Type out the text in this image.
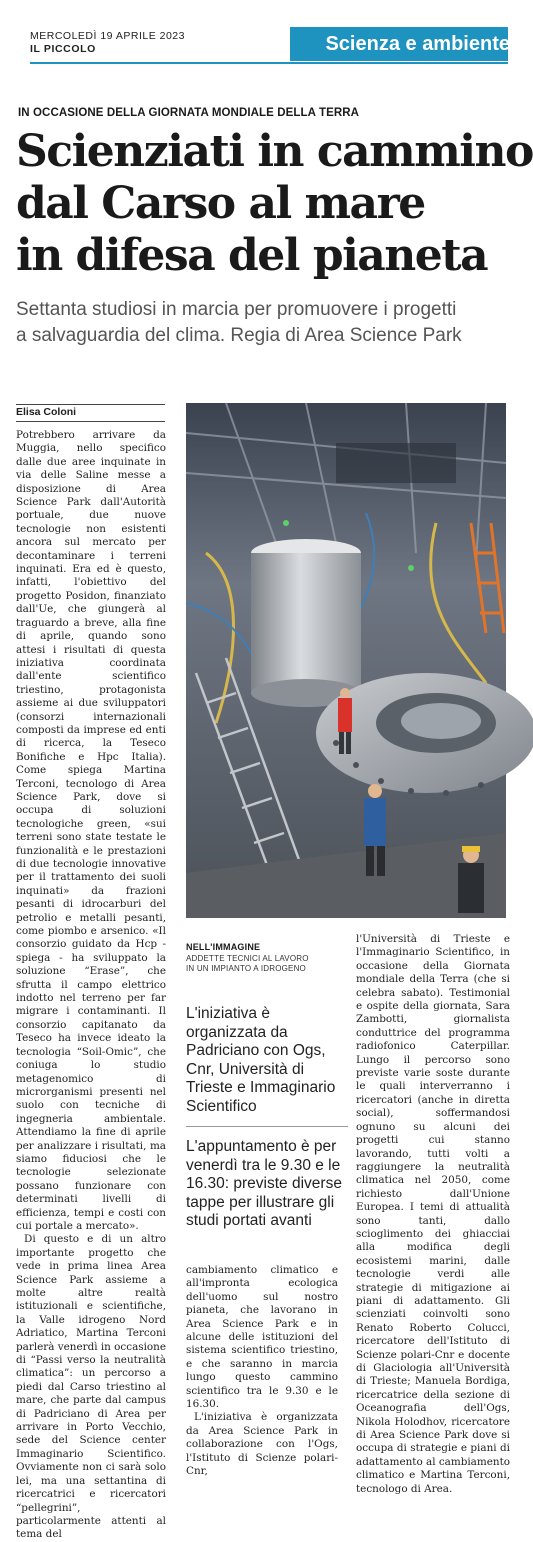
MERCOLEDÌ 19 APRILE 2023
IL PICCOLO	Scienza e ambiente
IN OCCASIONE DELLA GIORNATA MONDIALE DELLA TERRA
Scienziati in cammino
dal Carso al mare
in difesa del pianeta
Settanta studiosi in marcia per promuovere i progetti
a salvaguardia del clima. Regia di Area Science Park
Elisa Coloni

Potrebbero arrivare da Muggia, nello specifico dalle due aree inquinate in via delle Saline messe a disposizione di Area Science Park dall'Autorità portuale, due nuove tecnologie non esistenti ancora sul mercato per decontaminare i terreni inquinati. Era ed è questo, infatti, l'obiettivo del progetto Posidon, finanziato dall'Ue, che giungerà al traguardo a breve, alla fine di aprile, quando sono attesi i risultati di questa iniziativa coordinata dall'ente scientifico triestino, protagonista assieme ai due sviluppatori (consorzi internazionali composti da imprese ed enti di ricerca, la Teseco Bonifiche e Hpc Italia). Come spiega Martina Terconi, tecnologo di Area Science Park, dove si occupa di soluzioni tecnologiche green, «sui terreni sono state testate le funzionalità e le prestazioni di due tecnologie innovative per il trattamento dei suoli inquinati» da frazioni pesanti di idrocarburi del petrolio e metalli pesanti, come piombo e arsenico. «Il consorzio guidato da Hcp - spiega - ha sviluppato la soluzione “Erase”, che sfrutta il campo elettrico indotto nel terreno per far migrare i contaminanti. Il consorzio capitanato da Teseco ha invece ideato la tecnologia “Soil-Omic”, che coniuga lo studio metagenomico di microrganismi presenti nel suolo con tecniche di ingegneria ambientale. Attendiamo la fine di aprile per analizzare i risultati, ma siamo fiduciosi che le tecnologie selezionate possano funzionare con determinati livelli di efficienza, tempi e costi con cui portale a mercato».

Di questo e di un altro importante progetto che vede in prima linea Area Science Park assieme a molte altre realtà istituzionali e scientifiche, la Valle idrogeno Nord Adriatico, Martina Terconi parlerà venerdì in occasione di “Passi verso la neutralità climatica”: un percorso a piedi dal Carso triestino al mare, che parte dal campus di Padriciano di Area per arrivare in Porto Vecchio, sede del Science center Immaginario Scientifico. Ovviamente non ci sarà solo lei, ma una settantina di ricercatrici e ricercatori “pellegrini”, particolarmente attenti al tema del

NELL'IMMAGINE
ADDETTE TECNICI AL LAVORO
IN UN IMPIANTO A IDROGENO
L'iniziativa è organizzata da Padriciano con Ogs, Cnr, Università di Trieste e Immaginario Scientifico
L'appuntamento è per venerdì tra le 9.30 e le 16.30: previste diverse tappe per illustrare gli studi portati avanti

cambiamento climatico e all'impronta ecologica dell'uomo sul nostro pianeta, che lavorano in Area Science Park e in alcune delle istituzioni del sistema scientifico triestino, e che saranno in marcia lungo questo cammino scientifico tra le 9.30 e le 16.30.

L'iniziativa è organizzata da Area Science Park in collaborazione con l'Ogs, l'Istituto di Scienze polari-Cnr,

l'Università di Trieste e l'Immaginario Scientifico, in occasione della Giornata mondiale della Terra (che si celebra sabato). Testimonial e ospite della giornata, Sara Zambotti, giornalista conduttrice del programma radiofonico Caterpillar. Lungo il percorso sono previste varie soste durante le quali interverranno i ricercatori (anche in diretta social), soffermandosi ognuno su alcuni dei progetti cui stanno lavorando, tutti volti a raggiungere la neutralità climatica nel 2050, come richiesto dall'Unione Europea. I temi di attualità sono tanti, dallo scioglimento dei ghiacciai alla modifica degli ecosistemi marini, dalle tecnologie verdi alle strategie di mitigazione ai piani di adattamento. Gli scienziati coinvolti sono Renato Roberto Colucci, ricercatore dell'Istituto di Scienze polari-Cnr e docente di Glaciologia all'Università di Trieste; Manuela Bordiga, ricercatrice della sezione di Oceanografia dell'Ogs, Nikola Holodhov, ricercatore di Area Science Park dove si occupa di strategie e piani di adattamento al cambiamento climatico e Martina Terconi, tecnologo di Area.
